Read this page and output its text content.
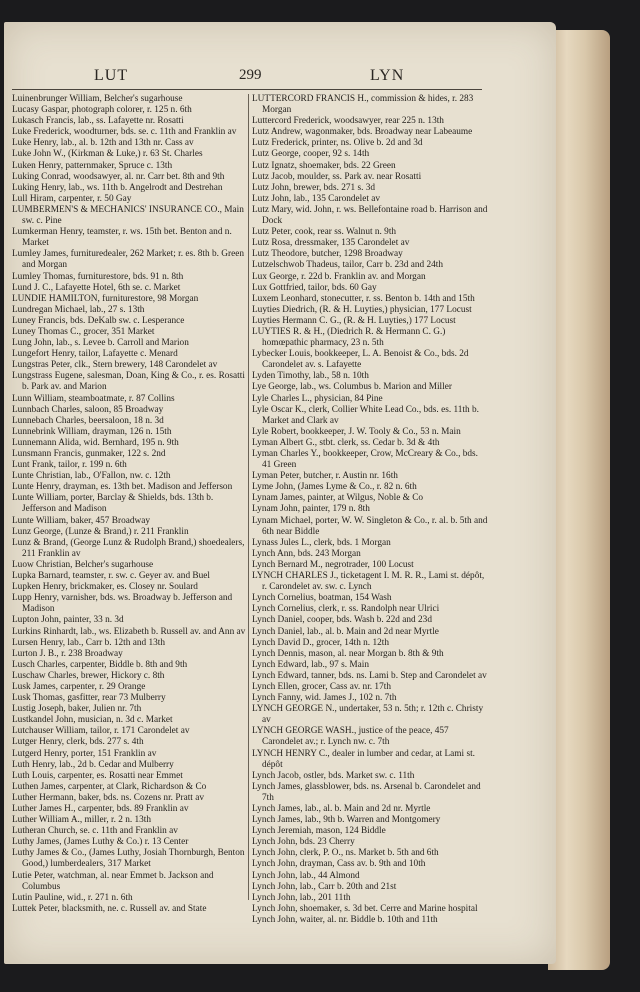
LUT	299	LYN
Luinenbrunger William, Belcher's sugarhouse
Lucasy Gaspar, photograph colorer, r. 125 n. 6th
Lukasch Francis, lab., ss. Lafayette nr. Rosatti
Luke Frederick, woodturner, bds. se. c. 11th and Franklin av
Luke Henry, lab., al. b. 12th and 13th nr. Cass av
Luke John W., (Kirkman & Luke,) r. 63 St. Charles
Luken Henry, patternmaker, Spruce c. 13th
Luking Conrad, woodsawyer, al. nr. Carr bet. 8th and 9th
Luking Henry, lab., ws. 11th b. Angelrodt and Destrehan
Lull Hiram, carpenter, r. 50 Gay
LUMBERMEN'S & MECHANICS' INSURANCE CO., Main sw. c. Pine
Lumkerman Henry, teamster, r. ws. 15th bet. Benton and n. Market
Lumley James, furnituredealer, 262 Market; r. es. 8th b. Green and Morgan
Lumley Thomas, furniturestore, bds. 91 n. 8th
Lund J. C., Lafayette Hotel, 6th se. c. Market
LUNDIE HAMILTON, furniturestore, 98 Morgan
Lundregan Michael, lab., 27 s. 13th
Luney Francis, bds. DeKalb sw. c. Lesperance
Luney Thomas C., grocer, 351 Market
Lung John, lab., s. Levee b. Carroll and Marion
Lungefort Henry, tailor, Lafayette c. Menard
Lungstras Peter, clk., Stern brewery, 148 Carondelet av
Lungstrass Eugene, salesman, Doan, King & Co., r. es. Rosatti b. Park av. and Marion
Lunn William, steamboatmate, r. 87 Collins
Lunnbach Charles, saloon, 85 Broadway
Lunnebach Charles, beersaloon, 18 n. 3d
Lunnebrink William, drayman, 126 n. 15th
Lunnemann Alida, wid. Bernhard, 195 n. 9th
Lunsmann Francis, gunmaker, 122 s. 2nd
Lunt Frank, tailor, r. 199 n. 6th
Lunte Christian, lab., O'Fallon, nw. c. 12th
Lunte Henry, drayman, es. 13th bet. Madison and Jefferson
Lunte William, porter, Barclay & Shields, bds. 13th b. Jefferson and Madison
Lunte William, baker, 457 Broadway
Lunz George, (Lunze & Brand,) r. 211 Franklin
Lunz & Brand, (George Lunz & Rudolph Brand,) shoedealers, 211 Franklin av
Luow Christian, Belcher's sugarhouse
Lupka Barnard, teamster, r. sw. c. Geyer av. and Buel
Lupken Henry, brickmaker, es. Closey nr. Soulard
Lupp Henry, varnisher, bds. ws. Broadway b. Jefferson and Madison
Lupton John, painter, 33 n. 3d
Lurkins Rinhardt, lab., ws. Elizabeth b. Russell av. and Ann av
Lursen Henry, lab., Carr b. 12th and 13th
Lurton J. B., r. 238 Broadway
Lusch Charles, carpenter, Biddle b. 8th and 9th
Luschaw Charles, brewer, Hickory c. 8th
Lusk James, carpenter, r. 29 Orange
Lusk Thomas, gasfitter, rear 73 Mulberry
Lustig Joseph, baker, Julien nr. 7th
Lustkandel John, musician, n. 3d c. Market
Lutchauser William, tailor, r. 171 Carondelet av
Lutger Henry, clerk, bds. 277 s. 4th
Lutgerd Henry, porter, 151 Franklin av
Luth Henry, lab., 2d b. Cedar and Mulberry
Luth Louis, carpenter, es. Rosatti near Emmet
Luthen James, carpenter, at Clark, Richardson & Co
Luther Hermann, baker, bds. ns. Cozens nr. Pratt av
Luther James H., carpenter, bds. 89 Franklin av
Luther William A., miller, r. 2 n. 13th
Lutheran Church, se. c. 11th and Franklin av
Luthy James, (James Luthy & Co.) r. 13 Center
Luthy James & Co., (James Luthy, Josiah Thornburgh, Benton Good,) lumberdealers, 317 Market
Lutie Peter, watchman, al. near Emmet b. Jackson and Columbus
Lutin Pauline, wid., r. 271 n. 6th
Luttek Peter, blacksmith, ne. c. Russell av. and State
LUTTERCORD FRANCIS H., commission & hides, r. 283 Morgan
Luttercord Frederick, woodsawyer, rear 225 n. 13th
Lutz Andrew, wagonmaker, bds. Broadway near Labeaume
Lutz Frederick, printer, ns. Olive b. 2d and 3d
Lutz George, cooper, 92 s. 14th
Lutz Ignatz, shoemaker, bds. 22 Green
Lutz Jacob, moulder, ss. Park av. near Rosatti
Lutz John, brewer, bds. 271 s. 3d
Lutz John, lab., 135 Carondelet av
Lutz Mary, wid. John, r. ws. Bellefontaine road b. Harrison and Dock
Lutz Peter, cook, rear ss. Walnut n. 9th
Lutz Rosa, dressmaker, 135 Carondelet av
Lutz Theodore, butcher, 1298 Broadway
Lutzelschwob Thadeus, tailor, Carr b. 23d and 24th
Lux George, r. 22d b. Franklin av. and Morgan
Lux Gottfried, tailor, bds. 60 Gay
Luxem Leonhard, stonecutter, r. ss. Benton b. 14th and 15th
Luyties Diedrich, (R. & H. Luyties,) physician, 177 Locust
Luyties Hermann C. G., (R. & H. Luyties,) 177 Locust
LUYTIES R. & H., (Diedrich R. & Hermann C. G.) homœpathic pharmacy, 23 n. 5th
Lybecker Louis, bookkeeper, L. A. Benoist & Co., bds. 2d Carondelet av. s. Lafayette
Lyden Timothy, lab., 58 n. 10th
Lye George, lab., ws. Columbus b. Marion and Miller
Lyle Charles L., physician, 84 Pine
Lyle Oscar K., clerk, Collier White Lead Co., bds. es. 11th b. Market and Clark av
Lyle Robert, bookkeeper, J. W. Tooly & Co., 53 n. Main
Lyman Albert G., stbt. clerk, ss. Cedar b. 3d & 4th
Lyman Charles Y., bookkeeper, Crow, McCreary & Co., bds. 41 Green
Lyman Peter, butcher, r. Austin nr. 16th
Lyme John, (James Lyme & Co., r. 82 n. 6th
Lynam James, painter, at Wilgus, Noble & Co
Lynam John, painter, 179 n. 8th
Lynam Michael, porter, W. W. Singleton & Co., r. al. b. 5th and 6th near Biddle
Lynass Jules L., clerk, bds. 1 Morgan
Lynch Ann, bds. 243 Morgan
Lynch Bernard M., negrotrader, 100 Locust
LYNCH CHARLES J., ticketagent I. M. R. R., Lami st. dépôt, r. Carondelet av. sw. c. Lynch
Lynch Cornelius, boatman, 154 Wash
Lynch Cornelius, clerk, r. ss. Randolph near Ulrici
Lynch Daniel, cooper, bds. Wash b. 22d and 23d
Lynch Daniel, lab., al. b. Main and 2d near Myrtle
Lynch David D., grocer, 14th n. 12th
Lynch Dennis, mason, al. near Morgan b. 8th & 9th
Lynch Edward, lab., 97 s. Main
Lynch Edward, tanner, bds. ns. Lami b. Step and Carondelet av
Lynch Ellen, grocer, Cass av. nr. 17th
Lynch Fanny, wid. James J., 102 n. 7th
LYNCH GEORGE N., undertaker, 53 n. 5th; r. 12th c. Christy av
LYNCH GEORGE WASH., justice of the peace, 457 Carondelet av.; r. Lynch nw. c. 7th
LYNCH HENRY C., dealer in lumber and cedar, at Lami st. dépôt
Lynch Jacob, ostler, bds. Market sw. c. 11th
Lynch James, glassblower, bds. ns. Arsenal b. Carondelet and 7th
Lynch James, lab., al. b. Main and 2d nr. Myrtle
Lynch James, lab., 9th b. Warren and Montgomery
Lynch Jeremiah, mason, 124 Biddle
Lynch John, bds. 23 Cherry
Lynch John, clerk, P. O., ns. Market b. 5th and 6th
Lynch John, drayman, Cass av. b. 9th and 10th
Lynch John, lab., 44 Almond
Lynch John, lab., Carr b. 20th and 21st
Lynch John, lab., 201 11th
Lynch John, shoemaker, s. 3d bet. Cerre and Marine hospital
Lynch John, waiter, al. nr. Biddle b. 10th and 11th
